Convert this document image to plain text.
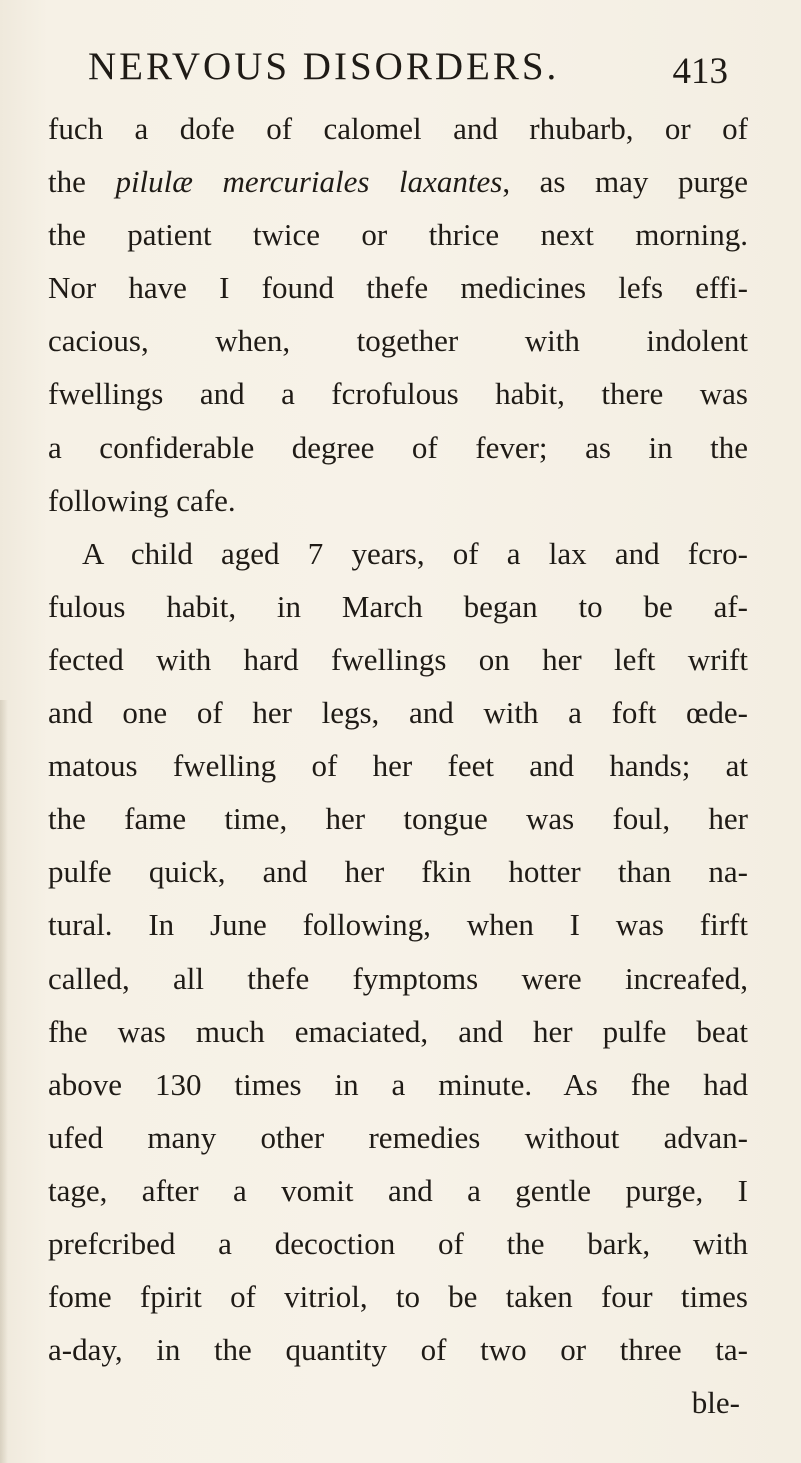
NERVOUS DISORDERS.	413
fuch a dofe of calomel and rhubarb, or of
the pilulæ mercuriales laxantes, as may purge
the patient twice or thrice next morning.
Nor have I found thefe medicines lefs effi-
cacious, when, together with indolent
fwellings and a fcrofulous habit, there was
a confiderable degree of fever; as in the
following cafe.
A child aged 7 years, of a lax and fcro-
fulous habit, in March began to be af-
fected with hard fwellings on her left wrift
and one of her legs, and with a foft œde-
matous fwelling of her feet and hands; at
the fame time, her tongue was foul, her
pulfe quick, and her fkin hotter than na-
tural. In June following, when I was firft
called, all thefe fymptoms were increafed,
fhe was much emaciated, and her pulfe beat
above 130 times in a minute. As fhe had
ufed many other remedies without advan-
tage, after a vomit and a gentle purge, I
prefcribed a decoction of the bark, with
fome fpirit of vitriol, to be taken four times
a-day, in the quantity of two or three ta-
ble-
